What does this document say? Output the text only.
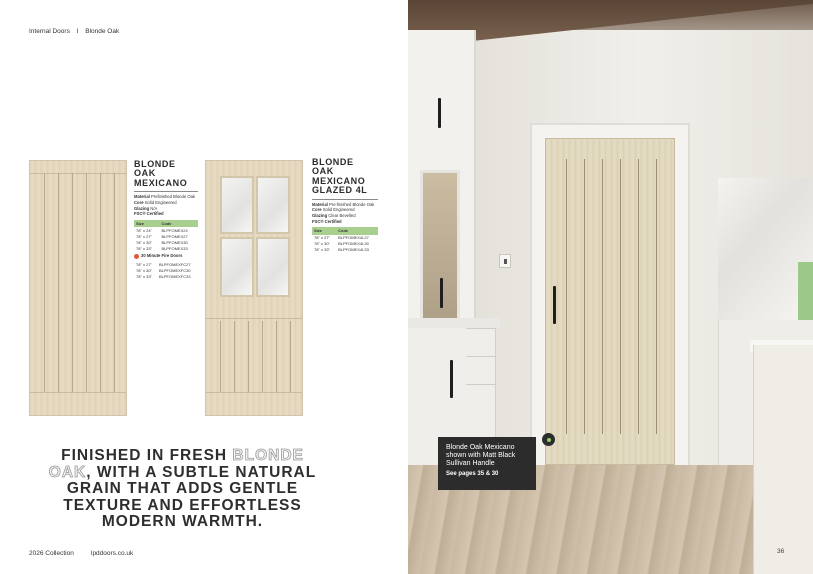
Internal Doors I Blonde Oak
BLONDE OAK MEXICANO
Material Prefinished Blonde Oak
Core Solid Engineered
Glazing N/A
FSC® Certified
Size	Code
78" x 24"	BLPFOMEX24
78" x 27"	BLPFOMEX27
78" x 30"	BLPFOMEX30
78" x 33"	BLPFOMEX33
30 Minute Fire Doors
78" x 27"	BLPFOMEXFC27
78" x 30"	BLPFOMEXFC30
78" x 33"	BLPFOMEXFC33
BLONDE OAK MEXICANO GLAZED 4L
Material Pre-finished Blonde Oak
Core Solid Engineered
Glazing Clear Bevelled
FSC® Certified
Size	Code
78" x 27"	BLPFOMEX4L27
78" x 30"	BLPFOMEX4L30
78" x 33"	BLPFOMEX4L33
FINISHED IN FRESH BLONDE OAK, WITH A SUBTLE NATURAL GRAIN THAT ADDS GENTLE TEXTURE AND EFFORTLESS MODERN WARMTH.
2026 Collection	lpddoors.co.uk
Blonde Oak Mexicano shown with Matt Black Sullivan Handle
See pages 35 & 30
36
